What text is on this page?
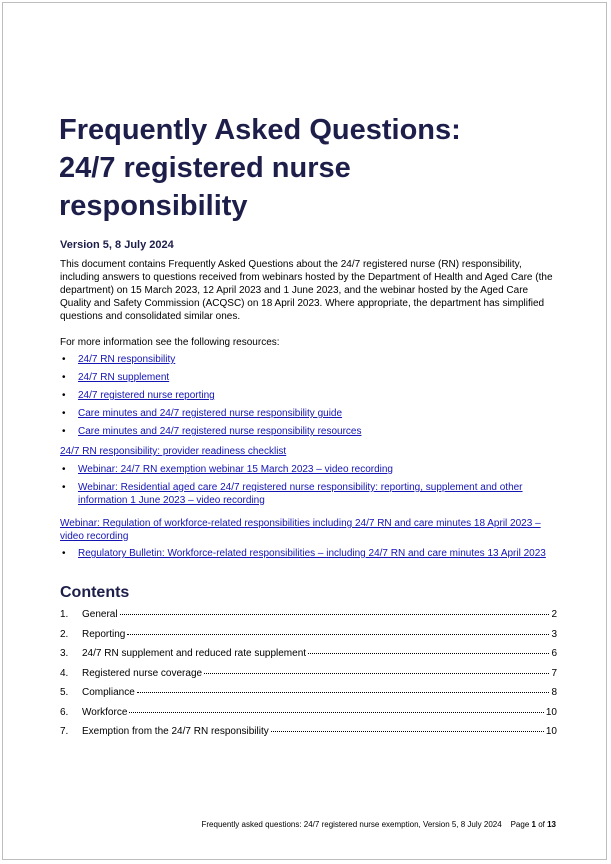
Frequently Asked Questions:
24/7 registered nurse
responsibility
Version 5, 8 July 2024

This document contains Frequently Asked Questions about the 24/7 registered nurse (RN) responsibility, including answers to questions received from webinars hosted by the Department of Health and Aged Care (the department) on 15 March 2023, 12 April 2023 and 1 June 2023, and the webinar hosted by the Aged Care Quality and Safety Commission (ACQSC) on 18 April 2023. Where appropriate, the department has simplified questions and consolidated similar ones.

For more information see the following resources:

• 24/7 RN responsibility
• 24/7 RN supplement
• 24/7 registered nurse reporting
• Care minutes and 24/7 registered nurse responsibility guide
• Care minutes and 24/7 registered nurse responsibility resources
24/7 RN responsibility: provider readiness checklist
• Webinar: 24/7 RN exemption webinar 15 March 2023 – video recording
• Webinar: Residential aged care 24/7 registered nurse responsibility: reporting, supplement and other information 1 June 2023 – video recording
Webinar: Regulation of workforce-related responsibilities including 24/7 RN and care minutes 18 April 2023 – video recording
• Regulatory Bulletin: Workforce-related responsibilities – including 24/7 RN and care minutes 13 April 2023
Contents
1.	General	2
2.	Reporting	3
3.	24/7 RN supplement and reduced rate supplement	6
4.	Registered nurse coverage	7
5.	Compliance	8
6.	Workforce	10
7.	Exemption from the 24/7 RN responsibility	10
Frequently asked questions: 24/7 registered nurse exemption, Version 5, 8 July 2024 Page 1 of 13
